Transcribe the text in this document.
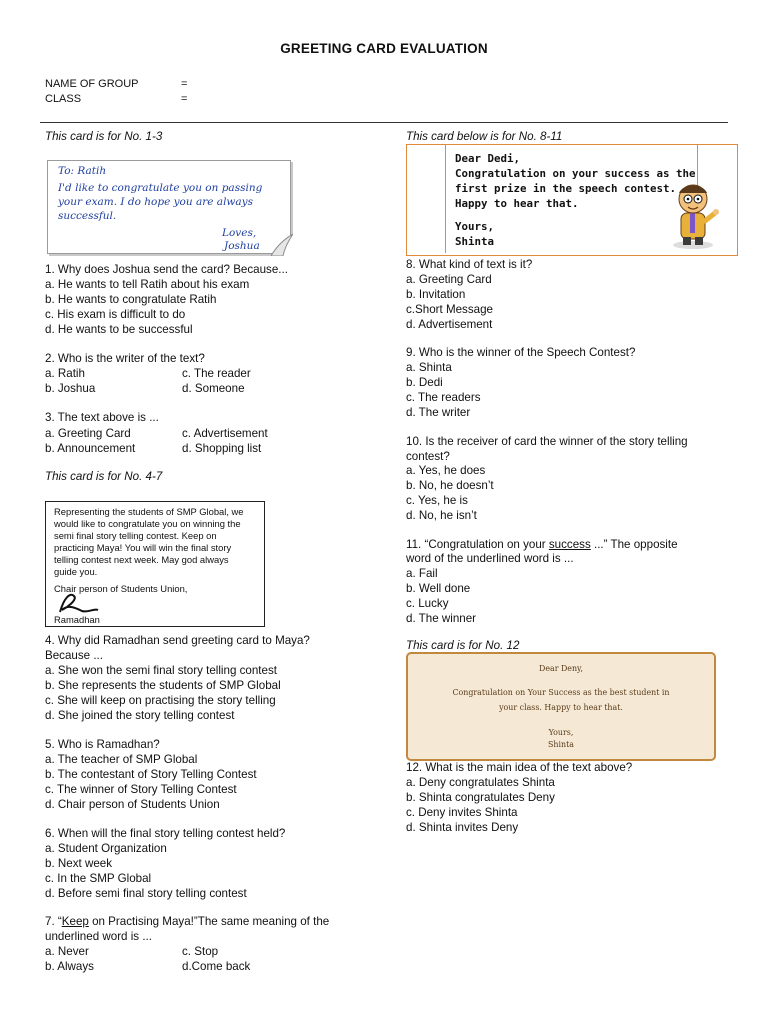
GREETING CARD EVALUATION
NAME OF GROUP	=
CLASS	=
This card is for No. 1-3
To: Ratih
I'd like to congratulate you on passing
your exam. I do hope you are always
successful.
Loves,
Joshua
1. Why does Joshua send the card? Because...
a. He wants to tell Ratih about his exam
b. He wants to congratulate Ratih
c. His exam is difficult to do
d. He wants to be successful
2. Who is the writer of the text?
a. Ratih	c. The reader
b. Joshua	d. Someone
3. The text above is ...
a. Greeting Card	c. Advertisement
b. Announcement	d. Shopping list
This card is for No. 4-7
Representing the students of SMP Global, we
would like to congratulate you on winning the
semi final story telling contest. Keep on
practicing Maya! You will win the final story
telling contest next week. May god always
guide you.
Chair person of Students Union,
Ramadhan
4. Why did Ramadhan send greeting card to Maya?
Because ...
a. She won the semi final story telling contest
b. She represents the students of SMP Global
c. She will keep on practising the story telling
d. She joined the story telling contest
5. Who is Ramadhan?
a. The teacher of SMP Global
b. The contestant of Story Telling Contest
c. The winner of Story Telling Contest
d. Chair person of Students Union
6. When will the final story telling contest held?
a. Student Organization
b. Next week
c. In the SMP Global
d. Before semi final story telling contest
7. “Keep on Practising Maya!”The same meaning of the
underlined word is ...
a. Never	c. Stop
b. Always	d.Come back
This card below is for No. 8-11
Dear Dedi,
Congratulation on your success as the
first prize in the speech contest.
Happy to hear that.
Yours,
Shinta
8. What kind of text is it?
a. Greeting Card
b. Invitation
c.Short Message
d. Advertisement
9. Who is the winner of the Speech Contest?
a. Shinta
b. Dedi
c. The readers
d. The writer
10. Is the receiver of card the winner of the story telling
contest?
a. Yes, he does
b. No, he doesn’t
c. Yes, he is
d. No, he isn’t
11. “Congratulation on your success ...” The opposite
word of the underlined word is ...
a. Fail
b. Well done
c. Lucky
d. The winner
This card is for No. 12
Dear Deny,
Congratulation on Your Success as the best student in
your class. Happy to hear that.
Yours,
Shinta
12. What is the main idea of the text above?
a. Deny congratulates Shinta
b. Shinta congratulates Deny
c. Deny invites Shinta
d. Shinta invites Deny
